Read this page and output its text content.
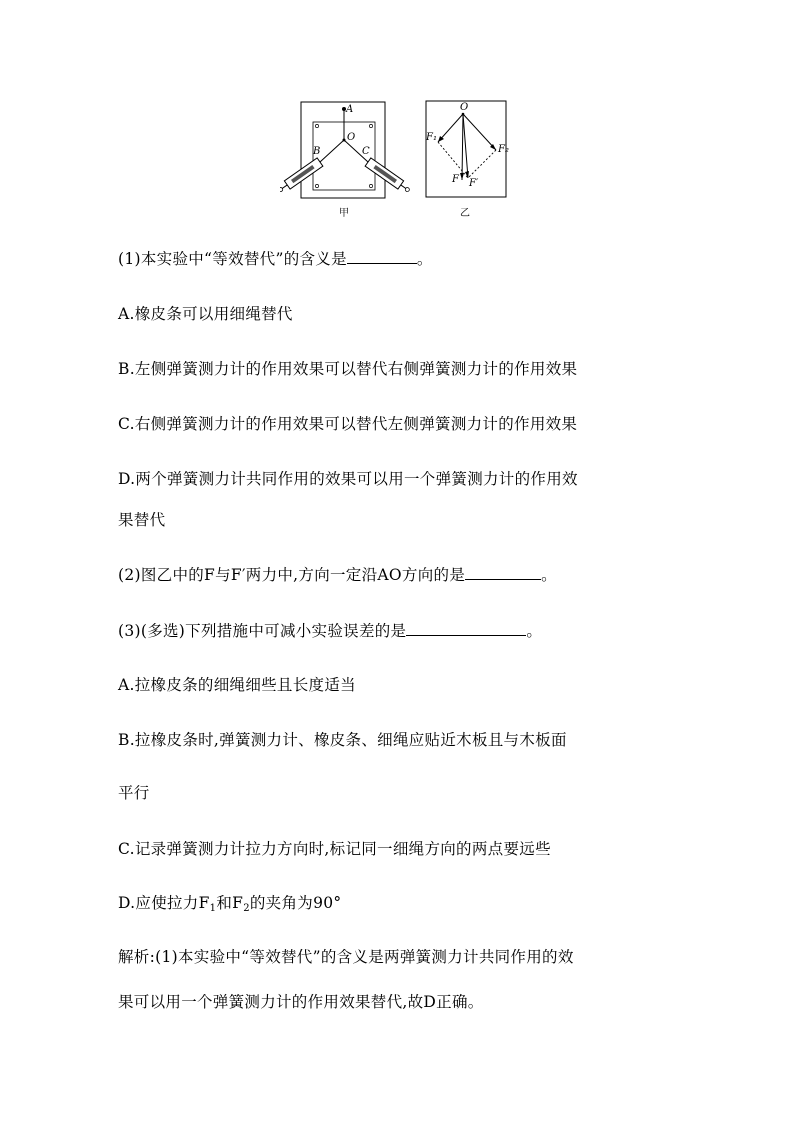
A
O
B	C
甲
O
F₁
F₂
F F′
乙
(1)本实验中“等效替代”的含义是	。
A.橡皮条可以用细绳替代
B.左侧弹簧测力计的作用效果可以替代右侧弹簧测力计的作用效果
C.右侧弹簧测力计的作用效果可以替代左侧弹簧测力计的作用效果
D.两个弹簧测力计共同作用的效果可以用一个弹簧测力计的作用效
果替代
(2)图乙中的F与F′两力中,方向一定沿AO方向的是	。
(3)(多选)下列措施中可减小实验误差的是	。
A.拉橡皮条的细绳细些且长度适当
B.拉橡皮条时,弹簧测力计、橡皮条、细绳应贴近木板且与木板面
平行
C.记录弹簧测力计拉力方向时,标记同一细绳方向的两点要远些
D.应使拉力$F_1$和$F_2$的夹角为90°
解析:(1)本实验中“等效替代”的含义是两弹簧测力计共同作用的效
果可以用一个弹簧测力计的作用效果替代,故D正确。
